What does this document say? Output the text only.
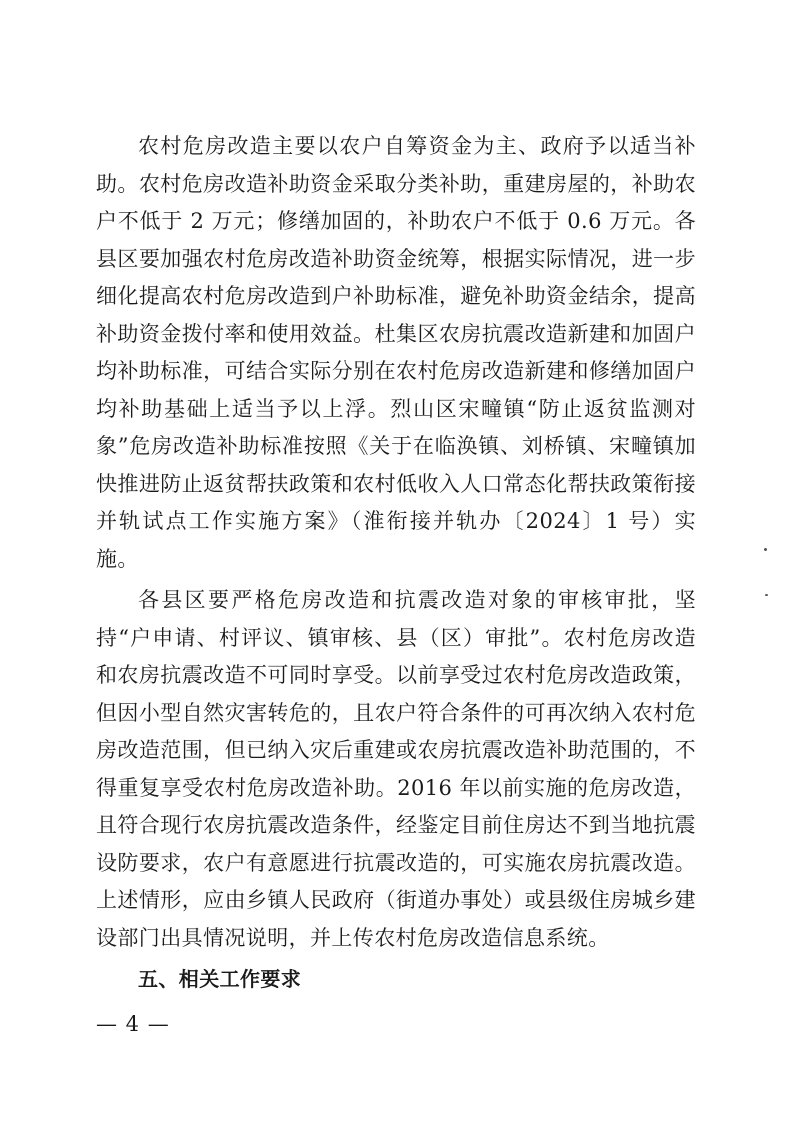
农村危房改造主要以农户自筹资金为主、政府予以适当补助。农村危房改造补助资金采取分类补助，重建房屋的，补助农户不低于 2 万元；修缮加固的，补助农户不低于 0.6 万元。各县区要加强农村危房改造补助资金统筹，根据实际情况，进一步细化提高农村危房改造到户补助标准，避免补助资金结余，提高补助资金拨付率和使用效益。杜集区农房抗震改造新建和加固户均补助标准，可结合实际分别在农村危房改造新建和修缮加固户均补助基础上适当予以上浮。烈山区宋疃镇“防止返贫监测对象”危房改造补助标准按照《关于在临涣镇、刘桥镇、宋疃镇加快推进防止返贫帮扶政策和农村低收入人口常态化帮扶政策衔接并轨试点工作实施方案》（淮衔接并轨办〔2024〕1 号）实施。

各县区要严格危房改造和抗震改造对象的审核审批，坚持“户申请、村评议、镇审核、县（区）审批”。农村危房改造和农房抗震改造不可同时享受。以前享受过农村危房改造政策，但因小型自然灾害转危的，且农户符合条件的可再次纳入农村危房改造范围，但已纳入灾后重建或农房抗震改造补助范围的，不得重复享受农村危房改造补助。2016 年以前实施的危房改造，且符合现行农房抗震改造条件，经鉴定目前住房达不到当地抗震设防要求，农户有意愿进行抗震改造的，可实施农房抗震改造。上述情形，应由乡镇人民政府（街道办事处）或县级住房城乡建设部门出具情况说明，并上传农村危房改造信息系统。

五、相关工作要求

— 4 —
